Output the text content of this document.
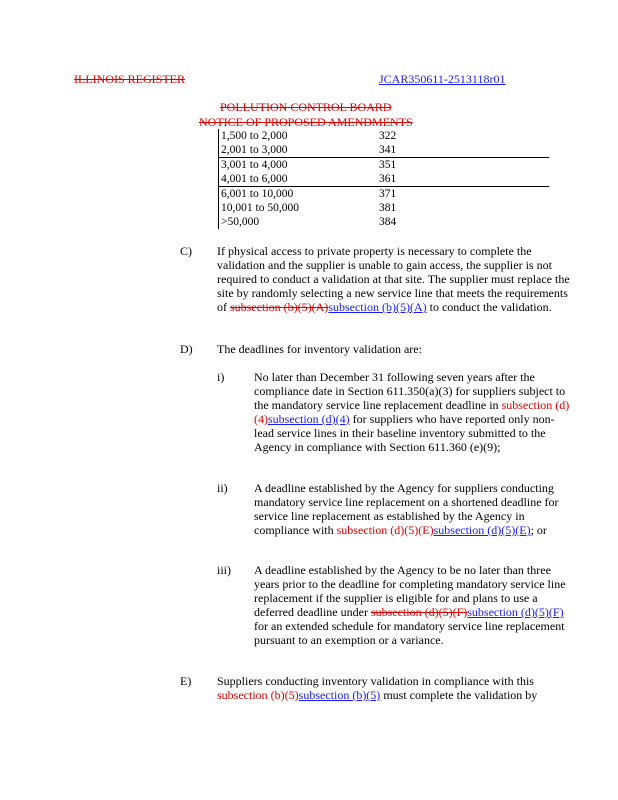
ILLINOIS REGISTER	JCAR350611-2513118r01
POLLUTION CONTROL BOARD
NOTICE OF PROPOSED AMENDMENTS
1,500 to 2,000	322
2,001 to 3,000	341
3,001 to 4,000	351
4,001 to 6,000	361
6,001 to 10,000	371
10,001 to 50,000	381
>50,000	384
C) If physical access to private property is necessary to complete the validation and the supplier is unable to gain access, the supplier is not required to conduct a validation at that site. The supplier must replace the site by randomly selecting a new service line that meets the requirements of subsection (b)(5)(A)subsection (b)(5)(A) to conduct the validation.
D) The deadlines for inventory validation are:
i) No later than December 31 following seven years after the compliance date in Section 611.350(a)(3) for suppliers subject to the mandatory service line replacement deadline in subsection (d)(4)subsection (d)(4) for suppliers who have reported only non-lead service lines in their baseline inventory submitted to the Agency in compliance with Section 611.360 (e)(9);
ii) A deadline established by the Agency for suppliers conducting mandatory service line replacement on a shortened deadline for service line replacement as established by the Agency in compliance with subsection (d)(5)(E)subsection (d)(5)(E); or
iii) A deadline established by the Agency to be no later than three years prior to the deadline for completing mandatory service line replacement if the supplier is eligible for and plans to use a deferred deadline under subsection (d)(5)(F)subsection (d)(5)(F) for an extended schedule for mandatory service line replacement pursuant to an exemption or a variance.
E) Suppliers conducting inventory validation in compliance with this subsection (b)(5)subsection (b)(5) must complete the validation by
